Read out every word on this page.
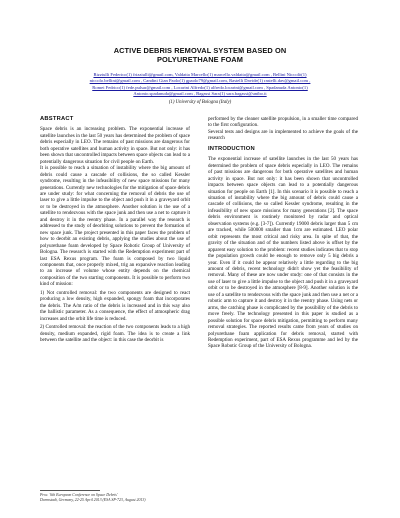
ACTIVE DEBRIS REMOVAL SYSTEM BASED ON
POLYURETHANE FOAM
Rizziulli Federico(1) frizziulli@gmail.com, Valdatta Marcello(1) marcello.valdatta@gmail.com , Bellini Niccolò(1)
niccolo.bellini@gmail.com , Candini Gian Paolo(1) gpaolo79@gmail.com, Rastelli Davide(1) rastelli.dav@gmail.com ,
Romei Fedrico(1) fede.pulsar@gmail.com , Locarini Alfredo(1) alfredo.locarini@gmail.com , Spadanuda Antonio(1)
Antonio.spadanuda@gmail.com , Bagassi Sara(1) sara.bagassi@unibo.it
(1) University of Bologna (Italy)
ABSTRACT

Space debris is an increasing problem. The exponential increase of satellite launches in the last 50 years has determined the problem of space debris especially in LEO. The remains of past missions are dangerous for both operative satellites and human activity in space. But not only: it has been shown that uncontrolled impacts between space objects can lead to a potentially dangerous situation for civil people on Earth.

It is possible to reach a situation of instability where the big amount of debris could cause a cascade of collisions, the so called Kessler syndrome, resulting in the infeasibility of new space missions for many generations. Currently new technologies for the mitigation of space debris are under study: for what concerning the removal of debris the use of laser to give a little impulse to the object and push it in a graveyard orbit or to be destroyed in the atmosphere. Another solution is the use of a satellite to rendezvous with the space junk and then use a net to capture it and destroy it in the reentry phase. In a parallel way the research is addressed to the study of deorbiting solutions to prevent the formation of new space junk. The project presented in this paper faces the problem of how to deorbit an existing debris, applying the studies about the use of polyurethane foam developed by Space Robotic Group of University of Bologna. The research is started with the Redemption experiment part of last ESA Rexus program. The foam is composed by two liquid components that, once properly mixed, trig an expansive reaction leading to an increase of volume whose entity depends on the chemical composition of the two starting components. It is possible to perform two kind of mission:

1) Not controlled removal: the two components are designed to react producing a low density, high expanded, spongy foam that incorporates the debris. The A/m ratio of the debris is increased and in this way also the ballistic parameter. As a consequence, the effect of atmospheric drag increases and the orbit life time is reduced.

2) Controlled removal: the reaction of the two components leads to a high density, medium expanded, rigid foam. The idea is to create a link between the satellite and the object: in this case the deorbit is

performed by the cleaner satellite propulsion, in a smaller time compared to the first configuration.

Several tests and designs are in implemented to achieve the goals of the research

INTRODUCTION

The exponential increase of satellite launches in the last 50 years has determined the problem of space debris especially in LEO. The remains of past missions are dangerous for both operative satellites and human activity in space. But not only: it has been shown that uncontrolled impacts between space objects can lead to a potentially dangerous situation for people on Earth [1]. In this scenario it is possible to reach a situation of instability where the big amount of debris could cause a cascade of collisions, the so called Kessler syndrome, resulting in the infeasibility of new space missions for many generations [2]. The space debris environment is routinely monitored by radar and optical observation systems (e.g. [3-7]). Currently 19000 debris larger than 5 cm are tracked, while 500000 smaller than 1cm are estimated. LEO polar orbit represents the most critical and risky area. In spite of that, the gravity of the situation and of the numbers listed above is offset by the apparent easy solution to the problem: recent studies indicates that to stop the population growth could be enough to remove only 5 big debris a year. Even if it could be appear relatively a little regarding to the big amount of debris, recent technology didn't show yet the feasibility of removal. Many of these are now under study: one of that consists in the use of laser to give a little impulse to the object and push it in a graveyard orbit or to be destroyed in the atmosphere [8-9]. Another solution is the use of a satellite to rendezvous with the space junk and then use a net or a robotic arm to capture it and destroy it in the reentry phase. Using nets or arms, the catching phase is complicated by the possibility of the debris to move freely. The technology presented in this paper is studied as a possible solution for space debris mitigation, permitting to perform many removal strategies. The reported results came from years of studies on polyurethane foam application for debris removal, started with Redemption experiment, part of ESA Rexus programme and led by the Space Robotic Group of the University of Bologna.

Proc. '6th European Conference on Space Debris'
Darmstadt, Germany, 22-25 April 2013 (ESA SP-723, August 2013)
